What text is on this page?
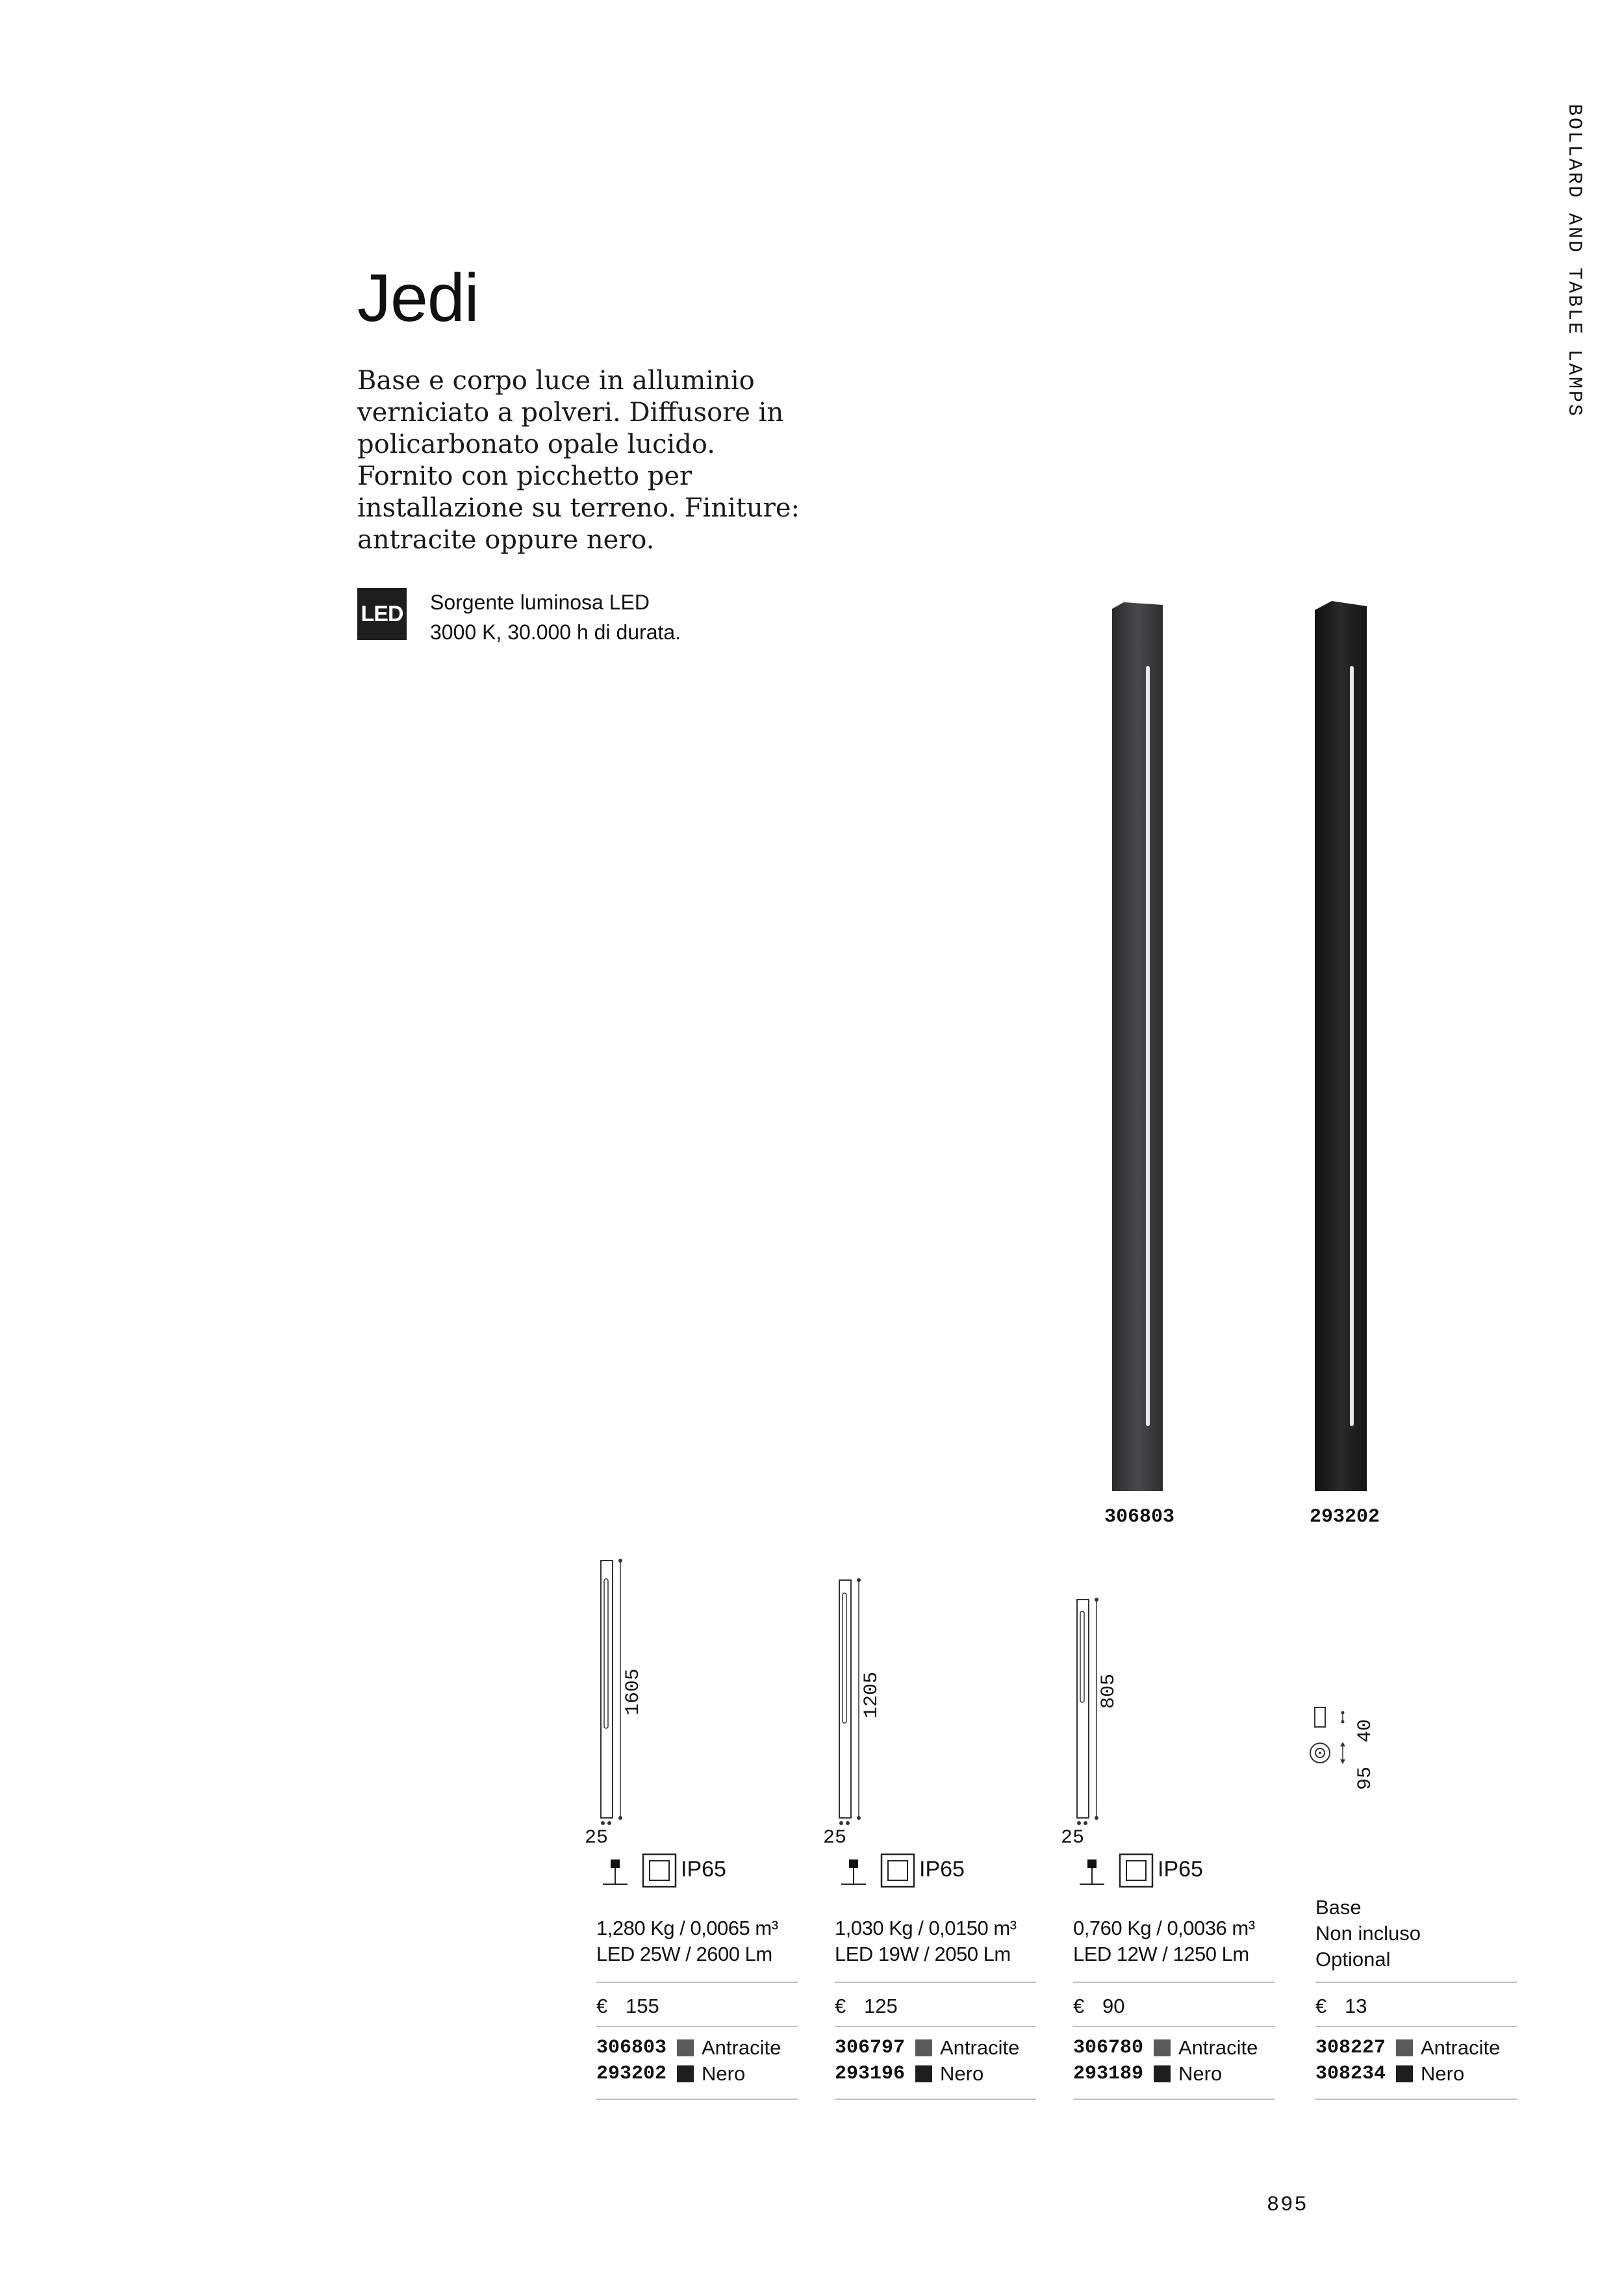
BOLLARD AND TABLE LAMPS
Jedi
Base e corpo luce in alluminio verniciato a polveri. Diffusore in policarbonato opale lucido. Fornito con picchetto per installazione su terreno. Finiture: antracite oppure nero.
LED Sorgente luminosa LED
3000 K, 30.000 h di durata.
306803	293202
1605
25
1205
25
805
25
40
95
IP65
1,280 Kg / 0,0065 m³
LED 25W / 2600 Lm
€ 155
306803	Antracite
293202	Nero
IP65
1,030 Kg / 0,0150 m³
LED 19W / 2050 Lm
€ 125
306797	Antracite
293196	Nero
IP65
0,760 Kg / 0,0036 m³
LED 12W / 1250 Lm
€ 90
306780	Antracite
293189	Nero
Base
Non incluso
Optional
€ 13
308227	Antracite
308234	Nero
895
